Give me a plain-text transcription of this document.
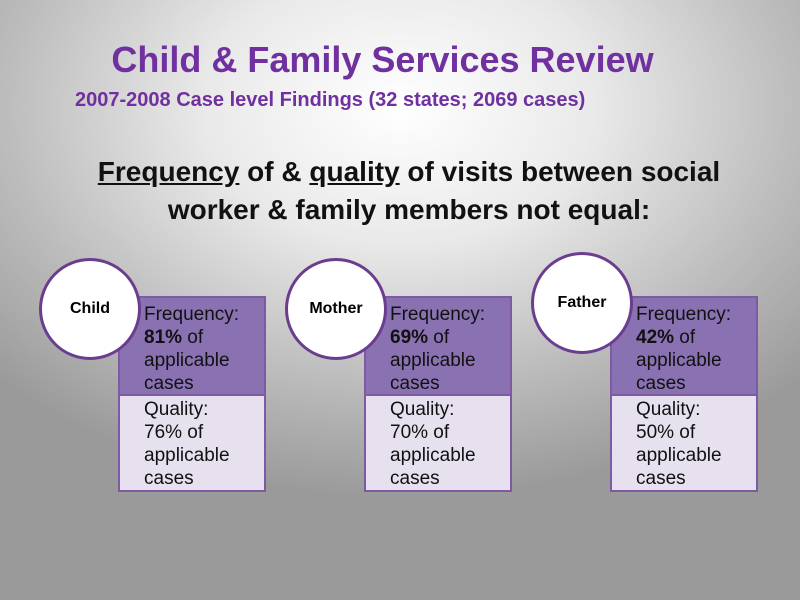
Child & Family Services Review
2007-2008 Case level Findings (32 states; 2069 cases)
Frequency of & quality of visits between social
worker & family members not equal:
Frequency:
81% of
applicable
cases
Quality:
76% of
applicable
cases
Child	Frequency:
69% of
applicable
cases
Quality:
70% of
applicable
cases
Mother	Frequency:
42% of
applicable
cases
Quality:
50% of
applicable
cases
Father
